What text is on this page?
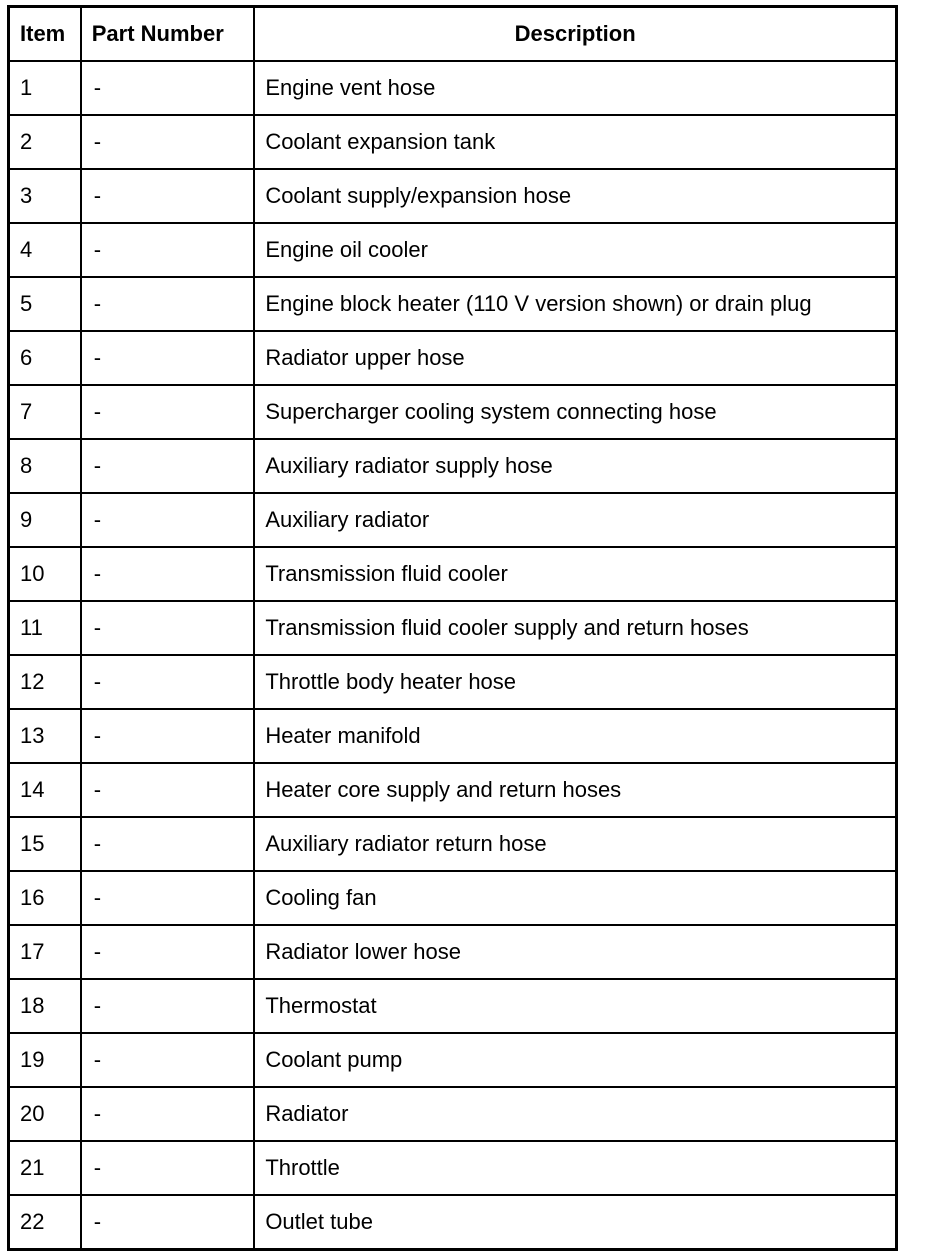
Item	Part Number	Description
1	-	Engine vent hose
2	-	Coolant expansion tank
3	-	Coolant supply/expansion hose
4	-	Engine oil cooler
5	-	Engine block heater (110 V version shown) or drain plug
6	-	Radiator upper hose
7	-	Supercharger cooling system connecting hose
8	-	Auxiliary radiator supply hose
9	-	Auxiliary radiator
10	-	Transmission fluid cooler
11	-	Transmission fluid cooler supply and return hoses
12	-	Throttle body heater hose
13	-	Heater manifold
14	-	Heater core supply and return hoses
15	-	Auxiliary radiator return hose
16	-	Cooling fan
17	-	Radiator lower hose
18	-	Thermostat
19	-	Coolant pump
20	-	Radiator
21	-	Throttle
22	-	Outlet tube
